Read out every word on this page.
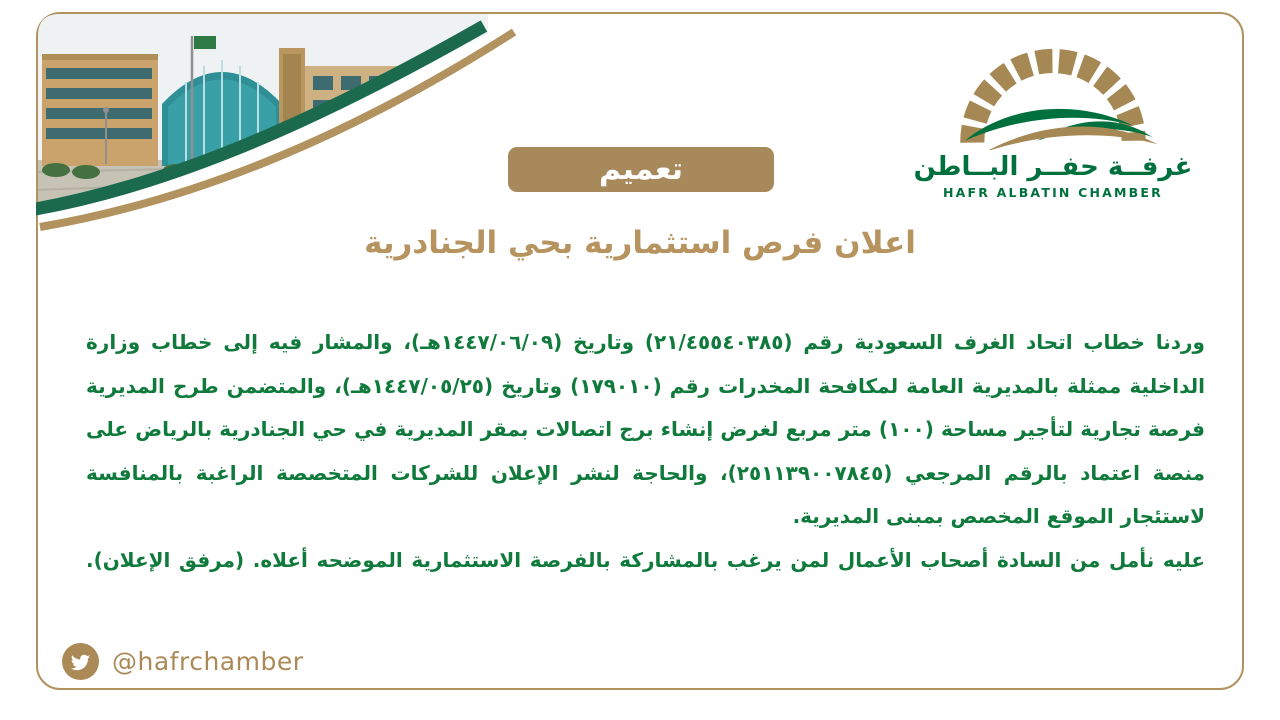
تعميم	غرفــة حفــر البــاطن
HAFR ALBATIN CHAMBER
اعلان فرص استثمارية بحي الجنادرية
وردنا خطاب اتحاد الغرف السعودية رقم (٢١/٤٥٥٤٠٣٨٥) وتاريخ (١٤٤٧/٠٦/٠٩هـ)، والمشار فيه إلى خطاب وزارة
الداخلية ممثلة بالمديرية العامة لمكافحة المخدرات رقم (١٧٩٠١٠) وتاريخ (١٤٤٧/٠٥/٢٥هـ)، والمتضمن طرح المديرية
فرصة تجارية لتأجير مساحة (١٠٠) متر مربع لغرض إنشاء برج اتصالات بمقر المديرية في حي الجنادرية بالرياض على
منصة اعتماد بالرقم المرجعي (٢٥١١٣٩٠٠٧٨٤٥)، والحاجة لنشر الإعلان للشركات المتخصصة الراغبة بالمنافسة
لاستئجار الموقع المخصص بمبنى المديرية.
عليه نأمل من السادة أصحاب الأعمال لمن يرغب بالمشاركة بالفرصة الاستثمارية الموضحه أعلاه. (مرفق الإعلان).
@hafrchamber
